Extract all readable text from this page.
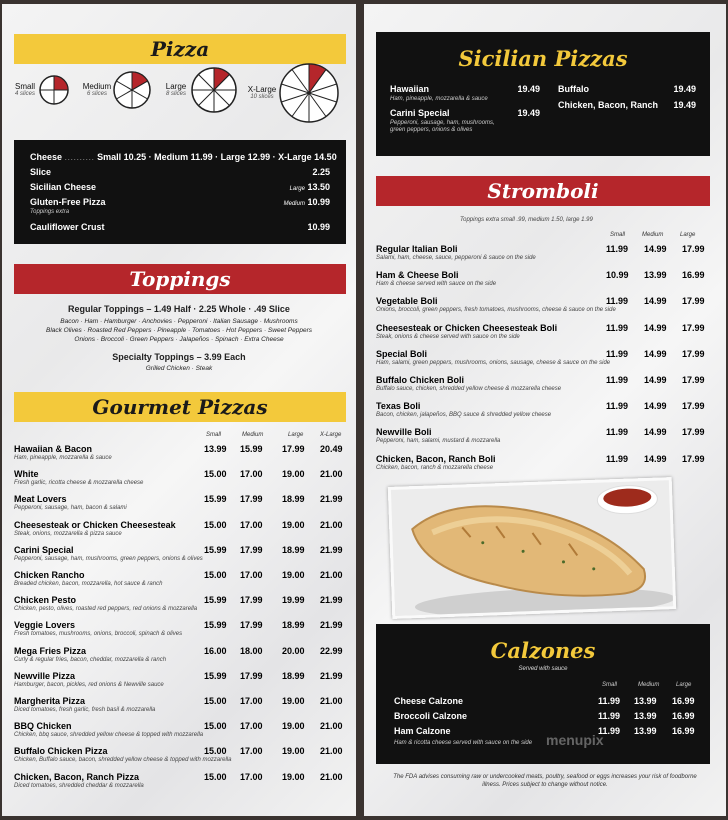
Pizza
Small
4 slices
Medium
6 slices
Large
8 slices	X-Large
10 slices
Cheese .......... Small 10.25 · Medium 11.99 · Large 12.99 · X-Large 14.50
Slice	2.25
Sicilian Cheese	Large 13.50
Gluten-Free Pizza	Medium 10.99
Toppings extra
Cauliflower Crust	10.99
Toppings
Regular Toppings – 1.49 Half · 2.25 Whole · .49 Slice
Bacon · Ham · Hamburger · Anchovies · Pepperoni · Italian Sausage · Mushrooms
Black Olives · Roasted Red Peppers · Pineapple · Tomatoes · Hot Peppers · Sweet Peppers
Onions · Broccoli · Green Peppers · Jalapeños · Spinach · Extra Cheese
Specialty Toppings – 3.99 Each
Grilled Chicken · Steak
Gourmet Pizzas
Small	Medium	Large	X-Large
Hawaiian & Bacon	13.99 15.99 17.99 20.49
Ham, pineapple, mozzarella & sauce
White	15.00 17.00 19.00 21.00
Fresh garlic, ricotta cheese & mozzarella cheese
Meat Lovers	15.99 17.99 18.99 21.99
Pepperoni, sausage, ham, bacon & salami
Cheesesteak or Chicken Cheesesteak	15.00 17.00 19.00 21.00
Steak, onions, mozzarella & pizza sauce
Carini Special	15.99 17.99 18.99 21.99
Pepperoni, sausage, ham, mushrooms, green peppers, onions & olives
Chicken Rancho	15.00 17.00 19.00 21.00
Breaded chicken, bacon, mozzarella, hot sauce & ranch
Chicken Pesto	15.99 17.99 19.99 21.99
Chicken, pesto, olives, roasted red peppers, red onions & mozzarella
Veggie Lovers	15.99 17.99 18.99 21.99
Fresh tomatoes, mushrooms, onions, broccoli, spinach & olives
Mega Fries Pizza	16.00 18.00 20.00 22.99
Curly & regular fries, bacon, cheddar, mozzarella & ranch
Newville Pizza	15.99 17.99 18.99 21.99
Hamburger, bacon, pickles, red onions & Newville sauce
Margherita Pizza	15.00 17.00 19.00 21.00
Diced tomatoes, fresh garlic, fresh basil & mozzarella
BBQ Chicken	15.00 17.00 19.00 21.00
Chicken, bbq sauce, shredded yellow cheese & topped with mozzarella
Buffalo Chicken Pizza	15.00 17.00 19.00 21.00
Chicken, Buffalo sauce, bacon, shredded yellow cheese & topped with mozzarella
Chicken, Bacon, Ranch Pizza	15.00 17.00 19.00 21.00
Diced tomatoes, shredded cheddar & mozzarella
Sicilian Pizzas
Hawaiian	19.49
Ham, pineapple, mozzarella & sauce
Carini Special	19.49
Pepperoni, sausage, ham, mushrooms, green peppers, onions & olives
Buffalo	19.49
Chicken, Bacon, Ranch 19.49
Stromboli
Toppings extra small .99, medium 1.50, large 1.99
Small	Medium	Large
Regular Italian Boli	11.99 14.99 17.99
Salami, ham, cheese, sauce, pepperoni & sauce on the side
Ham & Cheese Boli	10.99 13.99 16.99
Ham & cheese served with sauce on the side
Vegetable Boli	11.99 14.99 17.99
Onions, broccoli, green peppers, fresh tomatoes, mushrooms, cheese & sauce on the side
Cheesesteak or Chicken Cheesesteak Boli	11.99 14.99 17.99
Steak, onions & cheese served with sauce on the side
Special Boli	11.99 14.99 17.99
Ham, salami, green peppers, mushrooms, onions, sausage, cheese & sauce on the side
Buffalo Chicken Boli	11.99 14.99 17.99
Buffalo sauce, chicken, shredded yellow cheese & mozzarella cheese
Texas Boli	11.99 14.99 17.99
Bacon, chicken, jalapeños, BBQ sauce & shredded yellow cheese
Newville Boli	11.99 14.99 17.99
Pepperoni, ham, salami, mustard & mozzarella
Chicken, Bacon, Ranch Boli	11.99 14.99 17.99
Chicken, bacon, ranch & mozzarella cheese
Calzones
Served with sauce
Small	Medium	Large
Cheese Calzone	11.99 13.99 16.99
Broccoli Calzone	11.99 13.99 16.99
Ham Calzone	11.99 13.99 16.99
Ham & ricotta cheese served with sauce on the side menupix
The FDA advises consuming raw or undercooked meats, poultry, seafood or eggs increases your risk of foodborne illness. Prices subject to change without notice.
